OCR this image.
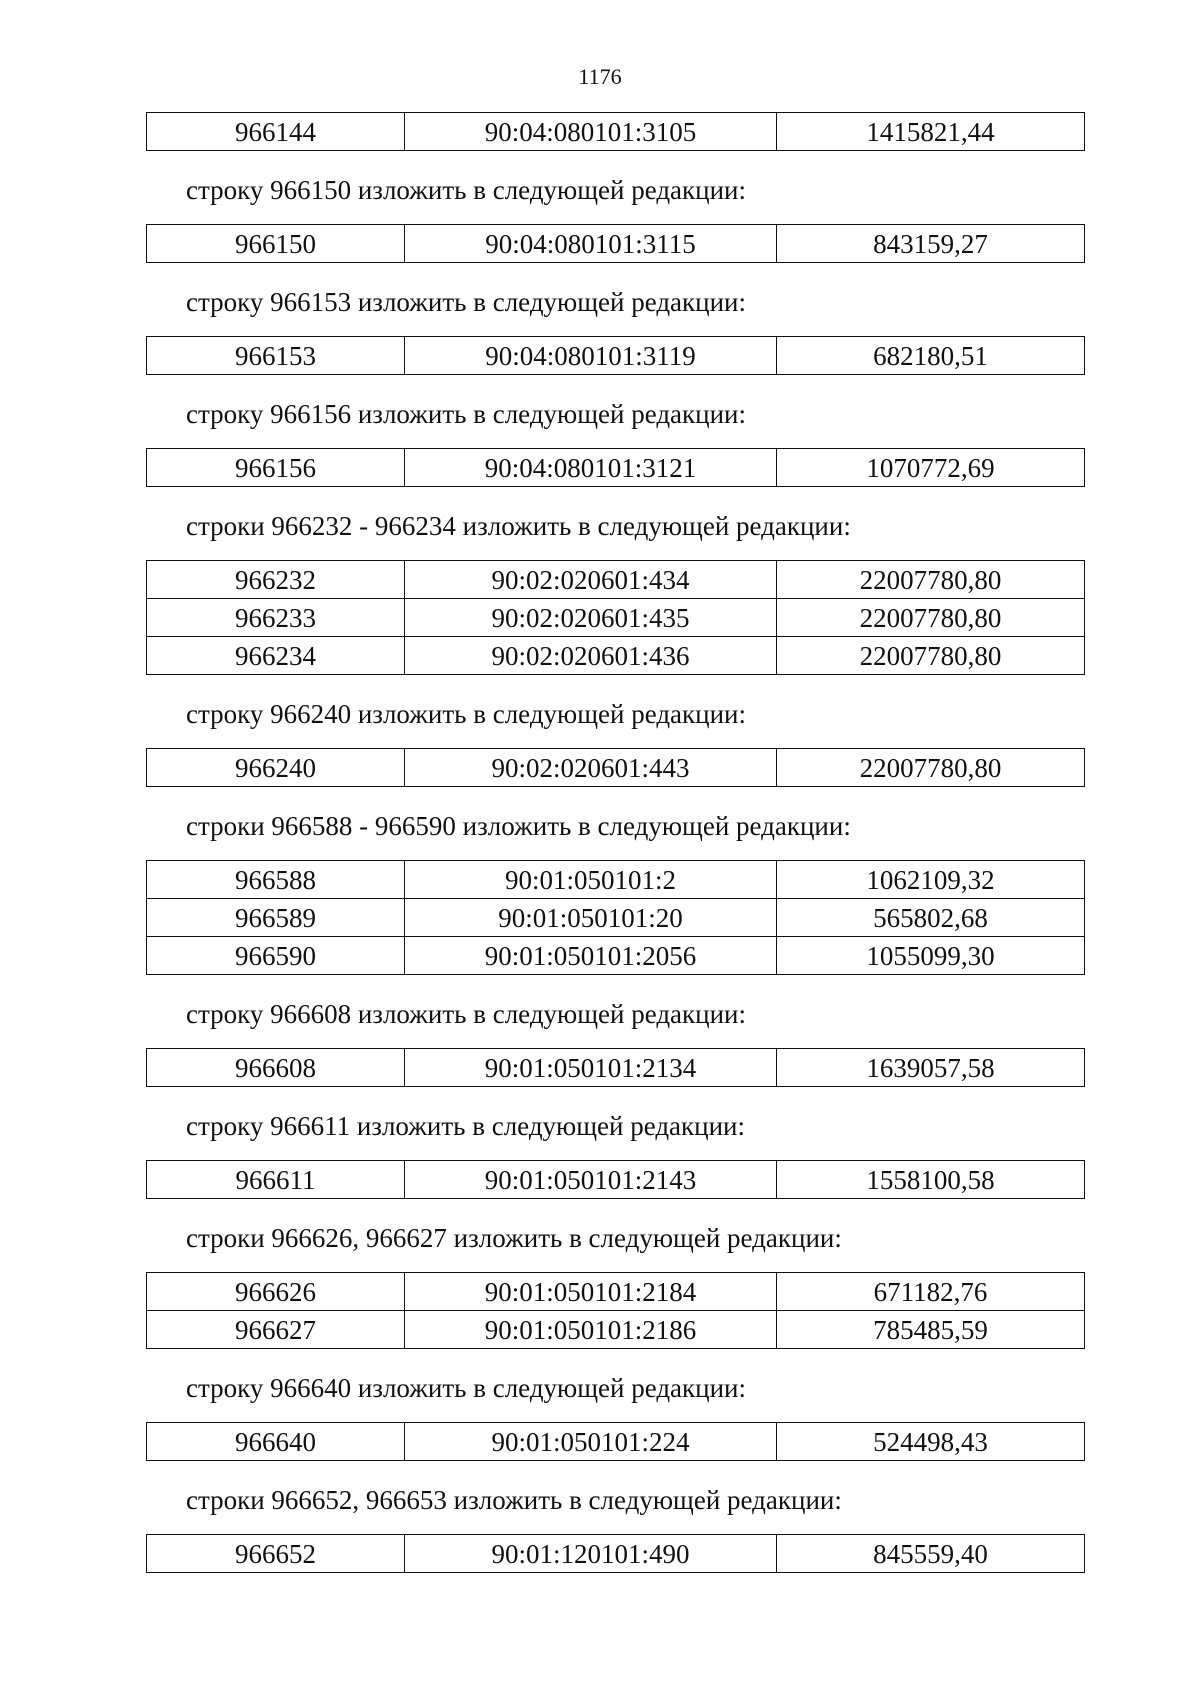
1176
966144	90:04:080101:3105	1415821,44

строку 966150 изложить в следующей редакции:

966150	90:04:080101:3115	843159,27

строку 966153 изложить в следующей редакции:

966153	90:04:080101:3119	682180,51

строку 966156 изложить в следующей редакции:

966156	90:04:080101:3121	1070772,69

строки 966232 - 966234 изложить в следующей редакции:

966232	90:02:020601:434	22007780,80
966233	90:02:020601:435	22007780,80
966234	90:02:020601:436	22007780,80

строку 966240 изложить в следующей редакции:

966240	90:02:020601:443	22007780,80

строки 966588 - 966590 изложить в следующей редакции:

966588	90:01:050101:2	1062109,32
966589	90:01:050101:20	565802,68
966590	90:01:050101:2056	1055099,30

строку 966608 изложить в следующей редакции:

966608	90:01:050101:2134	1639057,58

строку 966611 изложить в следующей редакции:

966611	90:01:050101:2143	1558100,58

строки 966626, 966627 изложить в следующей редакции:

966626	90:01:050101:2184	671182,76
966627	90:01:050101:2186	785485,59

строку 966640 изложить в следующей редакции:

966640	90:01:050101:224	524498,43

строки 966652, 966653 изложить в следующей редакции:

966652	90:01:120101:490	845559,40
